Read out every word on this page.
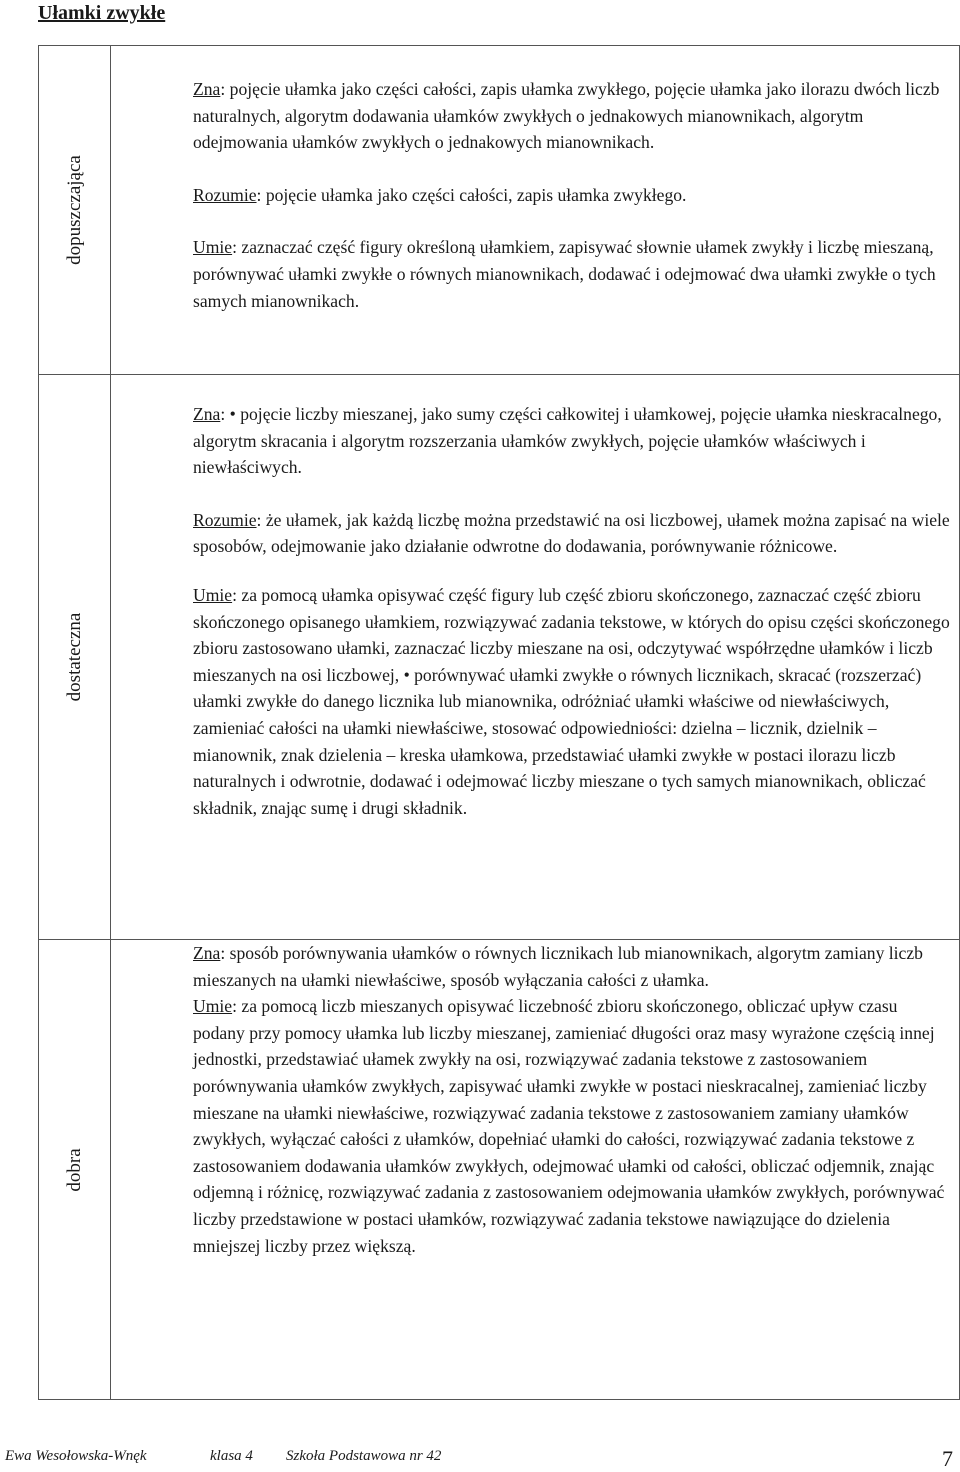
Ułamki zwykłe
dopuszczająca	Zna: pojęcie ułamka jako części całości, zapis ułamka zwykłego, pojęcie ułamka jako ilorazu dwóch liczb naturalnych, algorytm dodawania ułamków zwykłych o jednakowych mianownikach, algorytm odejmowania ułamków zwykłych o jednakowych mianownikach.

Rozumie: pojęcie ułamka jako części całości, zapis ułamka zwykłego.

Umie: zaznaczać część figury określoną ułamkiem, zapisywać słownie ułamek zwykły i liczbę mieszaną, porównywać ułamki zwykłe o równych mianownikach, dodawać i odejmować dwa ułamki zwykłe o tych samych mianownikach.

dostateczna	Zna: • pojęcie liczby mieszanej, jako sumy części całkowitej i ułamkowej, pojęcie ułamka nieskracalnego, algorytm skracania i algorytm rozszerzania ułamków zwykłych, pojęcie ułamków właściwych i niewłaściwych.

Rozumie: że ułamek, jak każdą liczbę można przedstawić na osi liczbowej, ułamek można zapisać na wiele sposobów, odejmowanie jako działanie odwrotne do dodawania, porównywanie różnicowe.

Umie: za pomocą ułamka opisywać część figury lub część zbioru skończonego, zaznaczać część zbioru skończonego opisanego ułamkiem, rozwiązywać zadania tekstowe, w których do opisu części skończonego zbioru zastosowano ułamki, zaznaczać liczby mieszane na osi, odczytywać współrzędne ułamków i liczb mieszanych na osi liczbowej, • porównywać ułamki zwykłe o równych licznikach, skracać (rozszerzać) ułamki zwykłe do danego licznika lub mianownika, odróżniać ułamki właściwe od niewłaściwych, zamieniać całości na ułamki niewłaściwe, stosować odpowiedniości: dzielna – licznik, dzielnik – mianownik, znak dzielenia – kreska ułamkowa, przedstawiać ułamki zwykłe w postaci ilorazu liczb naturalnych i odwrotnie, dodawać i odejmować liczby mieszane o tych samych mianownikach, obliczać składnik, znając sumę i drugi składnik.

dobra	Zna: sposób porównywania ułamków o równych licznikach lub mianownikach, algorytm zamiany liczb mieszanych na ułamki niewłaściwe, sposób wyłączania całości z ułamka.

Umie: za pomocą liczb mieszanych opisywać liczebność zbioru skończonego, obliczać upływ czasu podany przy pomocy ułamka lub liczby mieszanej, zamieniać długości oraz masy wyrażone częścią innej jednostki, przedstawiać ułamek zwykły na osi, rozwiązywać zadania tekstowe z zastosowaniem porównywania ułamków zwykłych, zapisywać ułamki zwykłe w postaci nieskracalnej, zamieniać liczby mieszane na ułamki niewłaściwe, rozwiązywać zadania tekstowe z zastosowaniem zamiany ułamków zwykłych, wyłączać całości z ułamków, dopełniać ułamki do całości, rozwiązywać zadania tekstowe z zastosowaniem dodawania ułamków zwykłych, odejmować ułamki od całości, obliczać odjemnik, znając odjemną i różnicę, rozwiązywać zadania z zastosowaniem odejmowania ułamków zwykłych, porównywać liczby przedstawione w postaci ułamków, rozwiązywać zadania tekstowe nawiązujące do dzielenia mniejszej liczby przez większą.

Ewa Wesołowska-Wnęk	klasa 4 Szkoła Podstawowa nr 42	7
